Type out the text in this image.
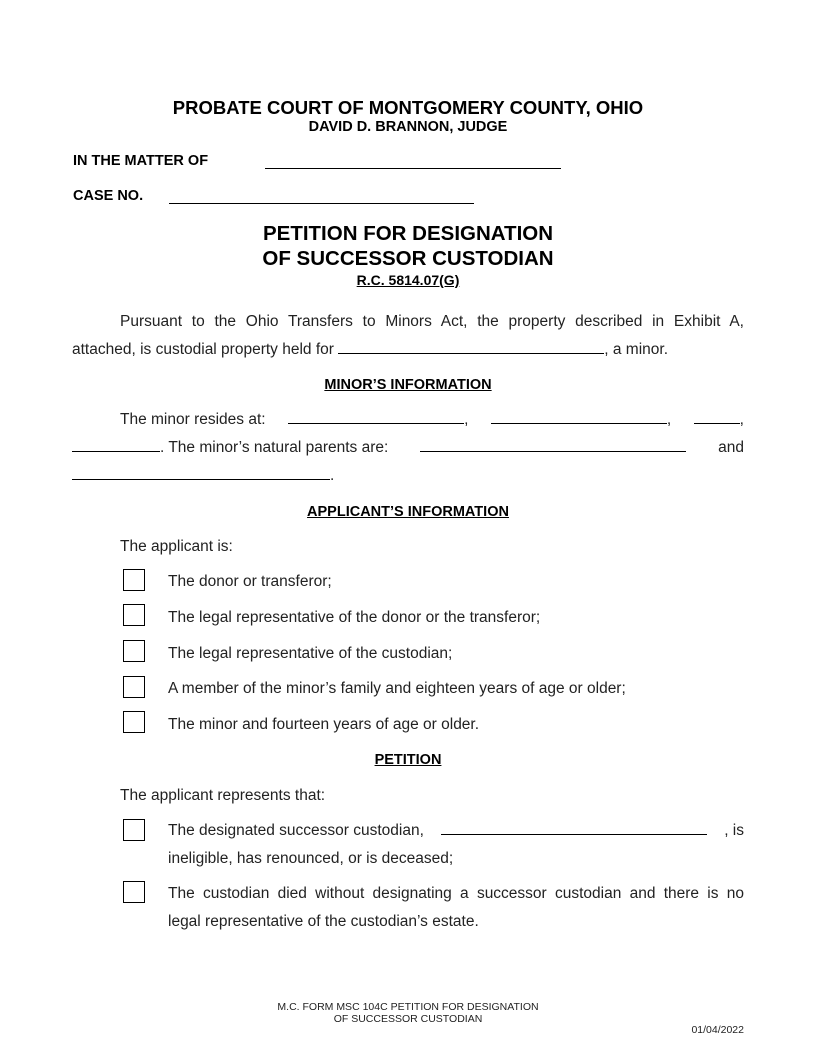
PROBATE COURT OF MONTGOMERY COUNTY, OHIO
DAVID D. BRANNON, JUDGE
IN THE MATTER OF
CASE NO.
PETITION FOR DESIGNATION
OF SUCCESSOR CUSTODIAN
R.C. 5814.07(G)
Pursuant to the Ohio Transfers to Minors Act, the property described in Exhibit A,
attached, is custodial property held for	, a minor.
MINOR’S INFORMATION
The minor resides at:	,	,	,
. The minor’s natural parents are:	and
.
APPLICANT’S INFORMATION
The applicant is:
The donor or transferor;
The legal representative of the donor or the transferor;
The legal representative of the custodian;
A member of the minor’s family and eighteen years of age or older;
The minor and fourteen years of age or older.
PETITION
The applicant represents that:
The designated successor custodian,	, is
ineligible, has renounced, or is deceased;
The custodian died without designating a successor custodian and there is no
legal representative of the custodian’s estate.
M.C. FORM MSC 104C PETITION FOR DESIGNATION
OF SUCCESSOR CUSTODIAN
01/04/2022
